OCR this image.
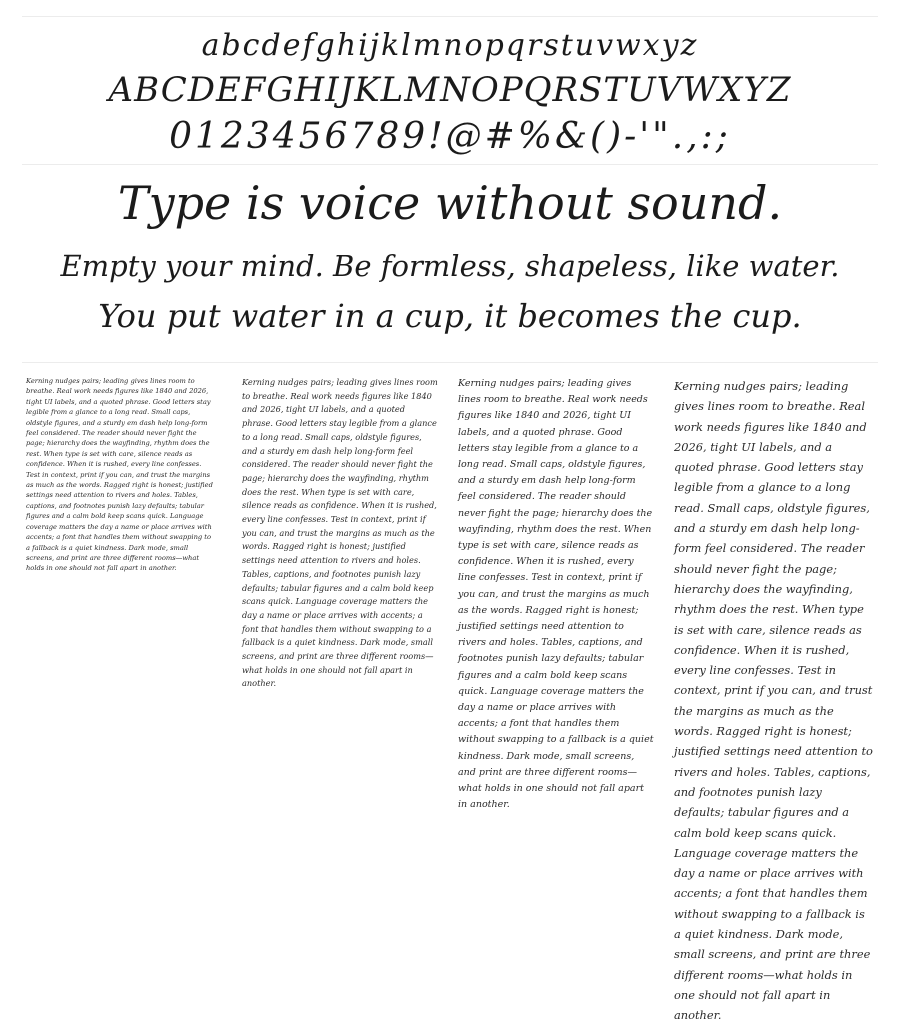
abcdefghijklmnopqrstuvwxyz
ABCDEFGHIJKLMNOPQRSTUVWXYZ
0123456789!@#%&()-'".,:;
Type is voice without sound.
Empty your mind. Be formless, shapeless, like water.
You put water in a cup, it becomes the cup.
Kerning nudges pairs; leading gives lines room to breathe. Real work needs figures like 1840 and 2026, tight UI labels, and a quoted phrase. Good letters stay legible from a glance to a long read. Small caps, oldstyle figures, and a sturdy em dash help long-form feel considered. The reader should never fight the page; hierarchy does the wayfinding, rhythm does the rest. When type is set with care, silence reads as confidence. When it is rushed, every line confesses. Test in context, print if you can, and trust the margins as much as the words. Ragged right is honest; justified settings need attention to rivers and holes. Tables, captions, and footnotes punish lazy defaults; tabular figures and a calm bold keep scans quick. Language coverage matters the day a name or place arrives with accents; a font that handles them without swapping to a fallback is a quiet kindness. Dark mode, small screens, and print are three different rooms—what holds in one should not fall apart in another.
Kerning nudges pairs; leading gives lines room to breathe. Real work needs figures like 1840 and 2026, tight UI labels, and a quoted phrase. Good letters stay legible from a glance to a long read. Small caps, oldstyle figures, and a sturdy em dash help long-form feel considered. The reader should never fight the page; hierarchy does the wayfinding, rhythm does the rest. When type is set with care, silence reads as confidence. When it is rushed, every line confesses. Test in context, print if you can, and trust the margins as much as the words. Ragged right is honest; justified settings need attention to rivers and holes. Tables, captions, and footnotes punish lazy defaults; tabular figures and a calm bold keep scans quick. Language coverage matters the day a name or place arrives with accents; a font that handles them without swapping to a fallback is a quiet kindness. Dark mode, small screens, and print are three different rooms—what holds in one should not fall apart in another.
Kerning nudges pairs; leading gives lines room to breathe. Real work needs figures like 1840 and 2026, tight UI labels, and a quoted phrase. Good letters stay legible from a glance to a long read. Small caps, oldstyle figures, and a sturdy em dash help long-form feel considered. The reader should never fight the page; hierarchy does the wayfinding, rhythm does the rest. When type is set with care, silence reads as confidence. When it is rushed, every line confesses. Test in context, print if you can, and trust the margins as much as the words. Ragged right is honest; justified settings need attention to rivers and holes. Tables, captions, and footnotes punish lazy defaults; tabular figures and a calm bold keep scans quick. Language coverage matters the day a name or place arrives with accents; a font that handles them without swapping to a fallback is a quiet kindness. Dark mode, small screens, and print are three different rooms—what holds in one should not fall apart in another.
Kerning nudges pairs; leading gives lines room to breathe. Real work needs figures like 1840 and 2026, tight UI labels, and a quoted phrase. Good letters stay legible from a glance to a long read. Small caps, oldstyle figures, and a sturdy em dash help long-form feel considered. The reader should never fight the page; hierarchy does the wayfinding, rhythm does the rest. When type is set with care, silence reads as confidence. When it is rushed, every line confesses. Test in context, print if you can, and trust the margins as much as the words. Ragged right is honest; justified settings need attention to rivers and holes. Tables, captions, and footnotes punish lazy defaults; tabular figures and a calm bold keep scans quick. Language coverage matters the day a name or place arrives with accents; a font that handles them without swapping to a fallback is a quiet kindness. Dark mode, small screens, and print are three different rooms—what holds in one should not fall apart in another.
